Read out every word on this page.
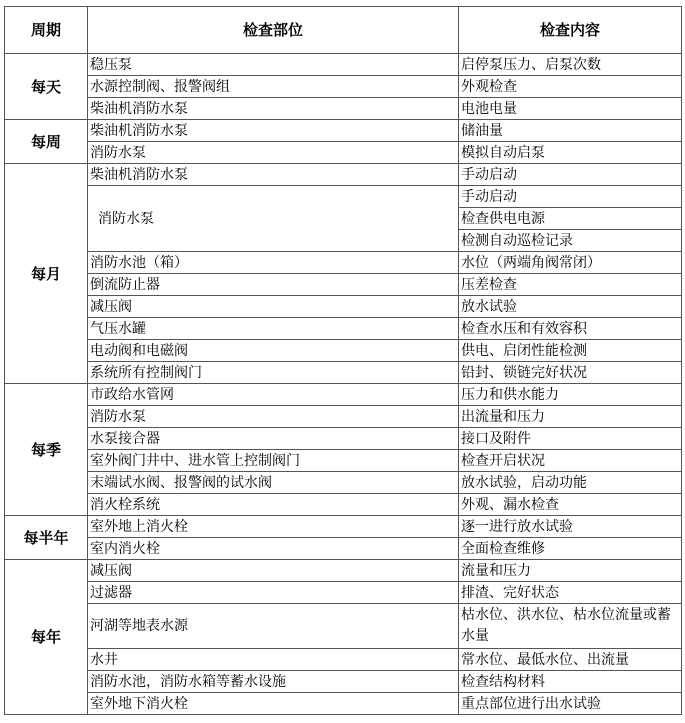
周期	检查部位	检查内容
每天	稳压泵	启停泵压力、启泵次数
	水源控制阀、报警阀组	外观检查
	柴油机消防水泵	电池电量
每周	柴油机消防水泵	储油量
	消防水泵	模拟自动启泵
每月	柴油机消防水泵	手动启动
	消防水泵	手动启动
		检查供电电源
		检测自动巡检记录
	消防水池（箱）	水位（两端角阀常闭）
	倒流防止器	压差检查
	减压阀	放水试验
	气压水罐	检查水压和有效容积
	电动阀和电磁阀	供电、启闭性能检测
	系统所有控制阀门	铅封、锁链完好状况
每季	市政给水管网	压力和供水能力
	消防水泵	出流量和压力
	水泵接合器	接口及附件
	室外阀门井中、进水管上控制阀门	检查开启状况
	末端试水阀、报警阀的试水阀	放水试验，启动功能
	消火栓系统	外观、漏水检查
每半年	室外地上消火栓	逐一进行放水试验
	室内消火栓	全面检查维修
每年	减压阀	流量和压力
	过滤器	排渣、完好状态
	河湖等地表水源	枯水位、洪水位、枯水位流量或蓄水量
	水井	常水位、最低水位、出流量
	消防水池，消防水箱等蓄水设施	检查结构材料
	室外地下消火栓	重点部位进行出水试验
